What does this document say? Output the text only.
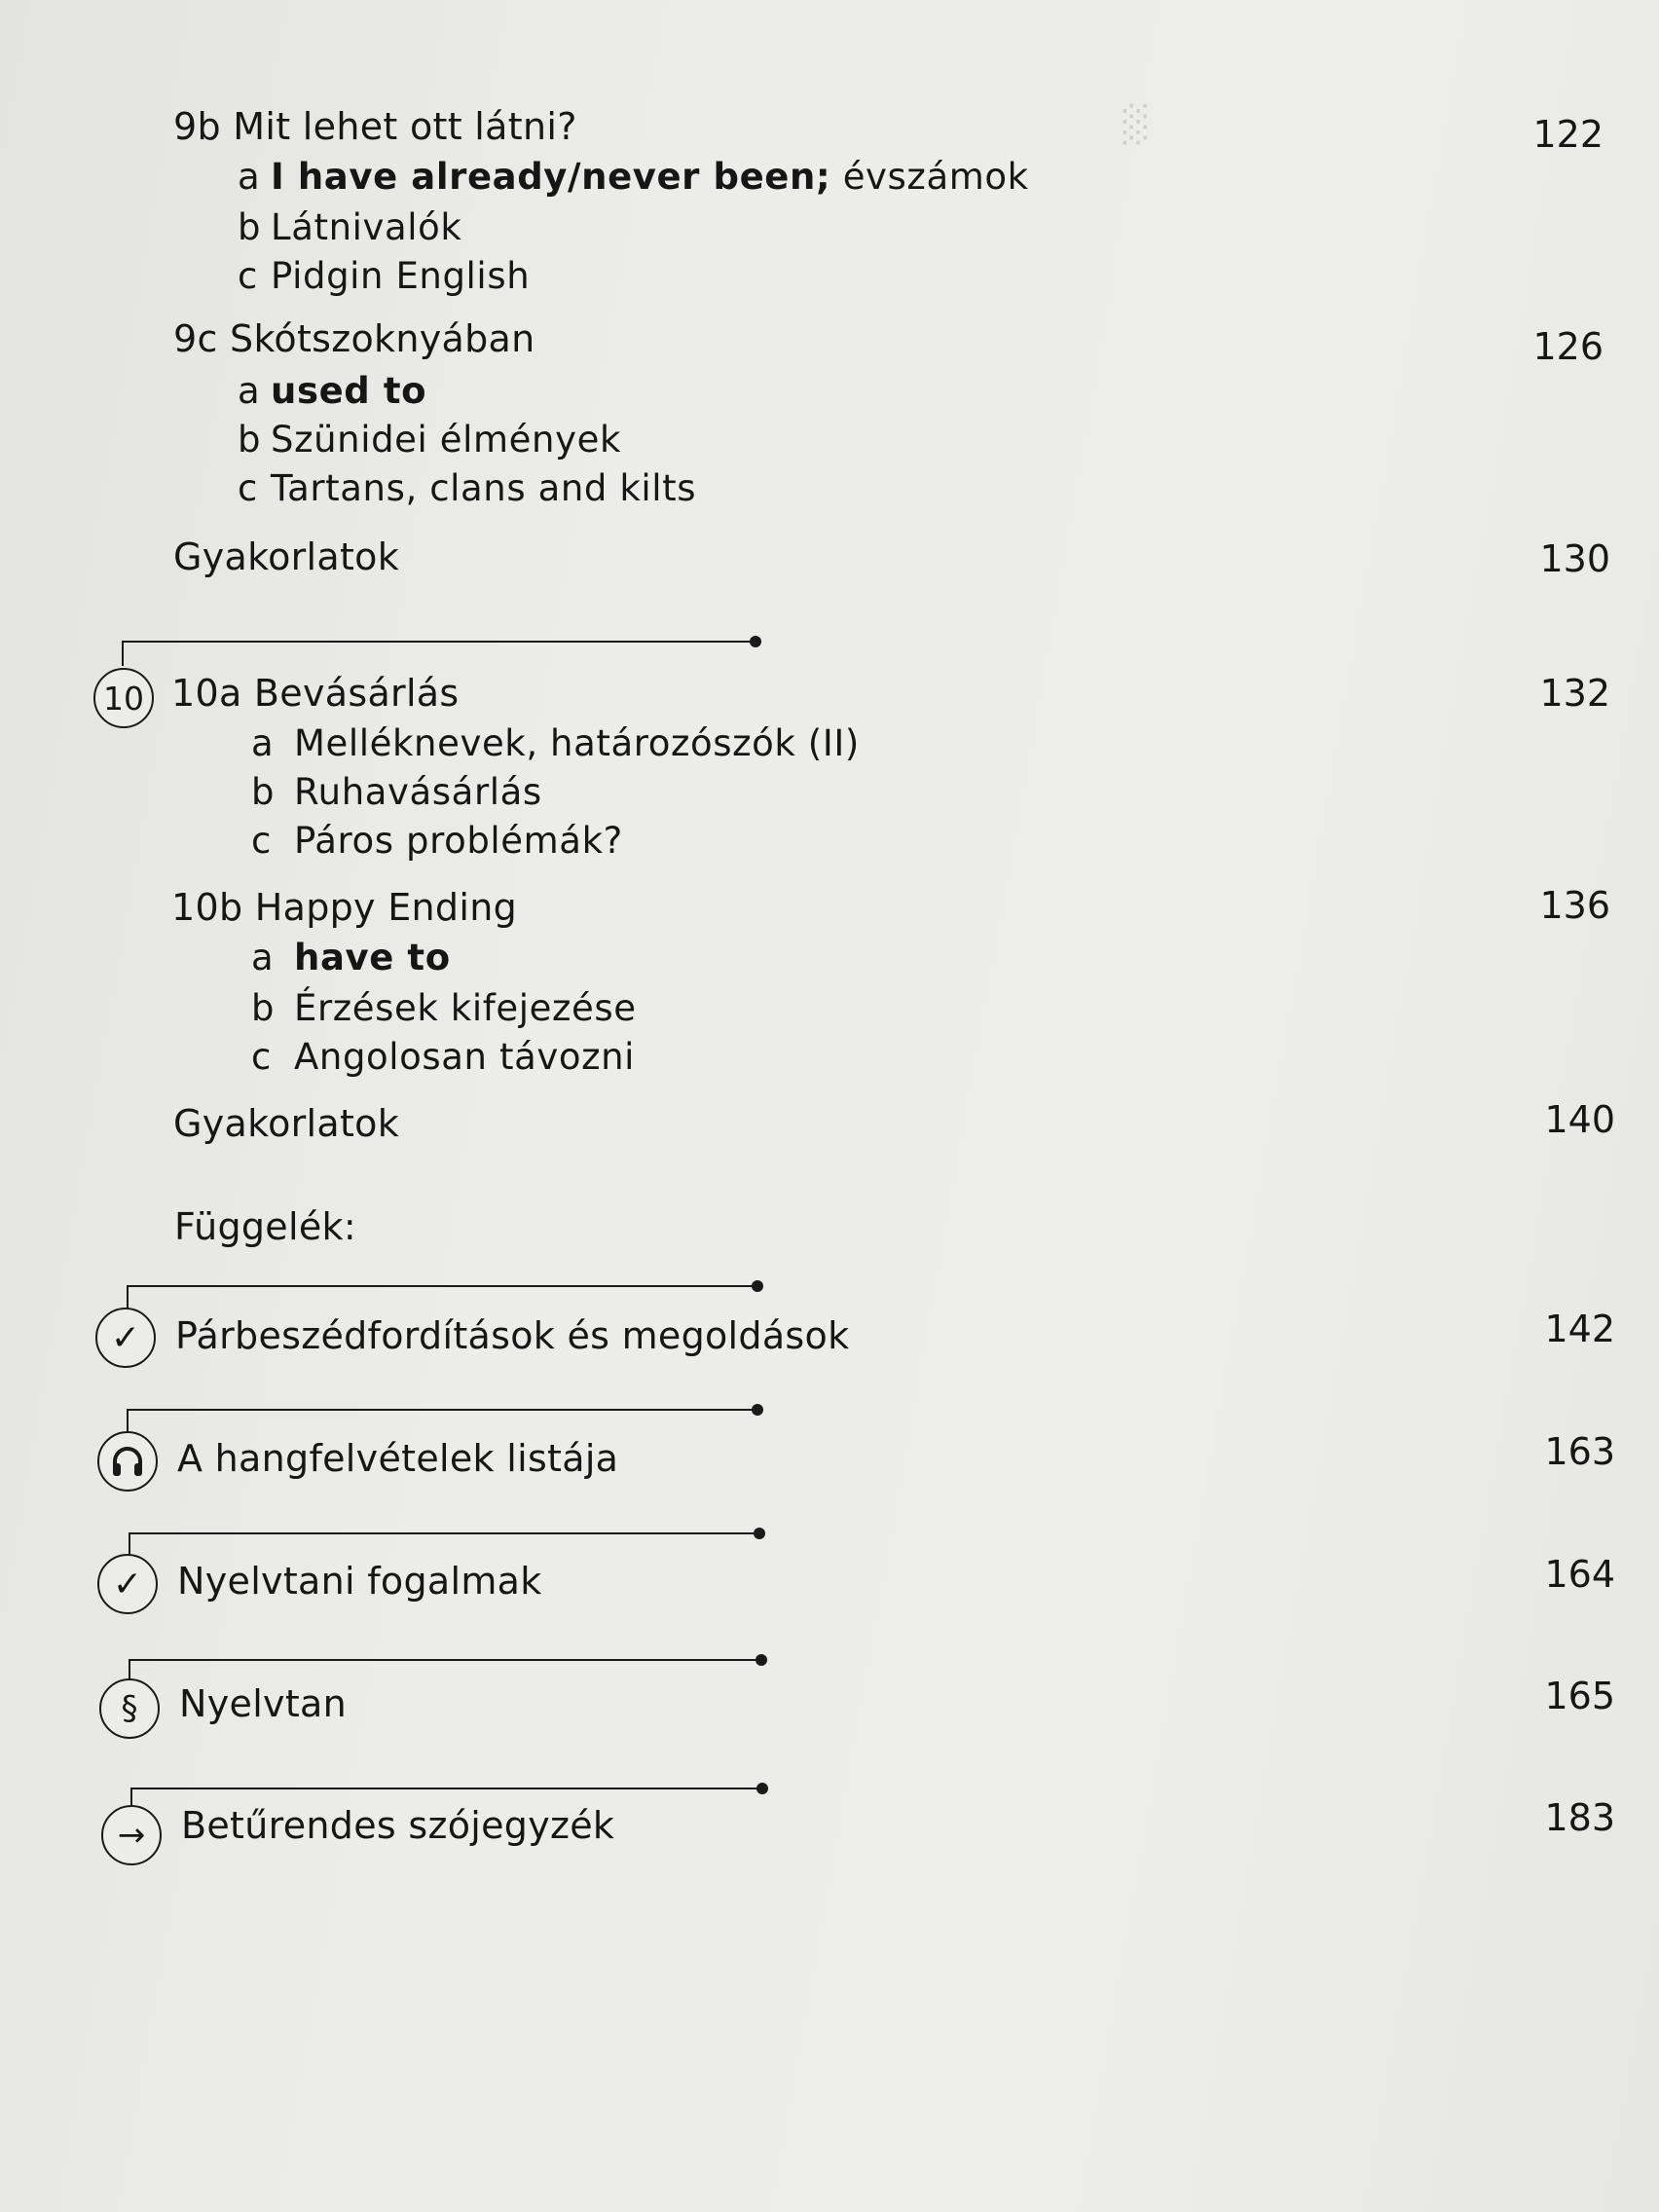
░
9b Mit lehet ott látni?	122
a I have already/never been; évszámok
b Látnivalók
c Pidgin English
9c Skótszoknyában	126
a used to
b Szünidei élmények
c Tartans, clans and kilts
Gyakorlatok	130
10 10a Bevásárlás	132
a Melléknevek, határozószók (II)
b Ruhavásárlás
c Páros problémák?
10b Happy Ending	136
a have to
b Érzések kifejezése
c Angolosan távozni
Gyakorlatok	140
Függelék:
✓ Párbeszédfordítások és megoldások	142
A hangfelvételek listája	163
✓ Nyelvtani fogalmak	164
§	Nyelvtan	165
→ Betűrendes szójegyzék	183
